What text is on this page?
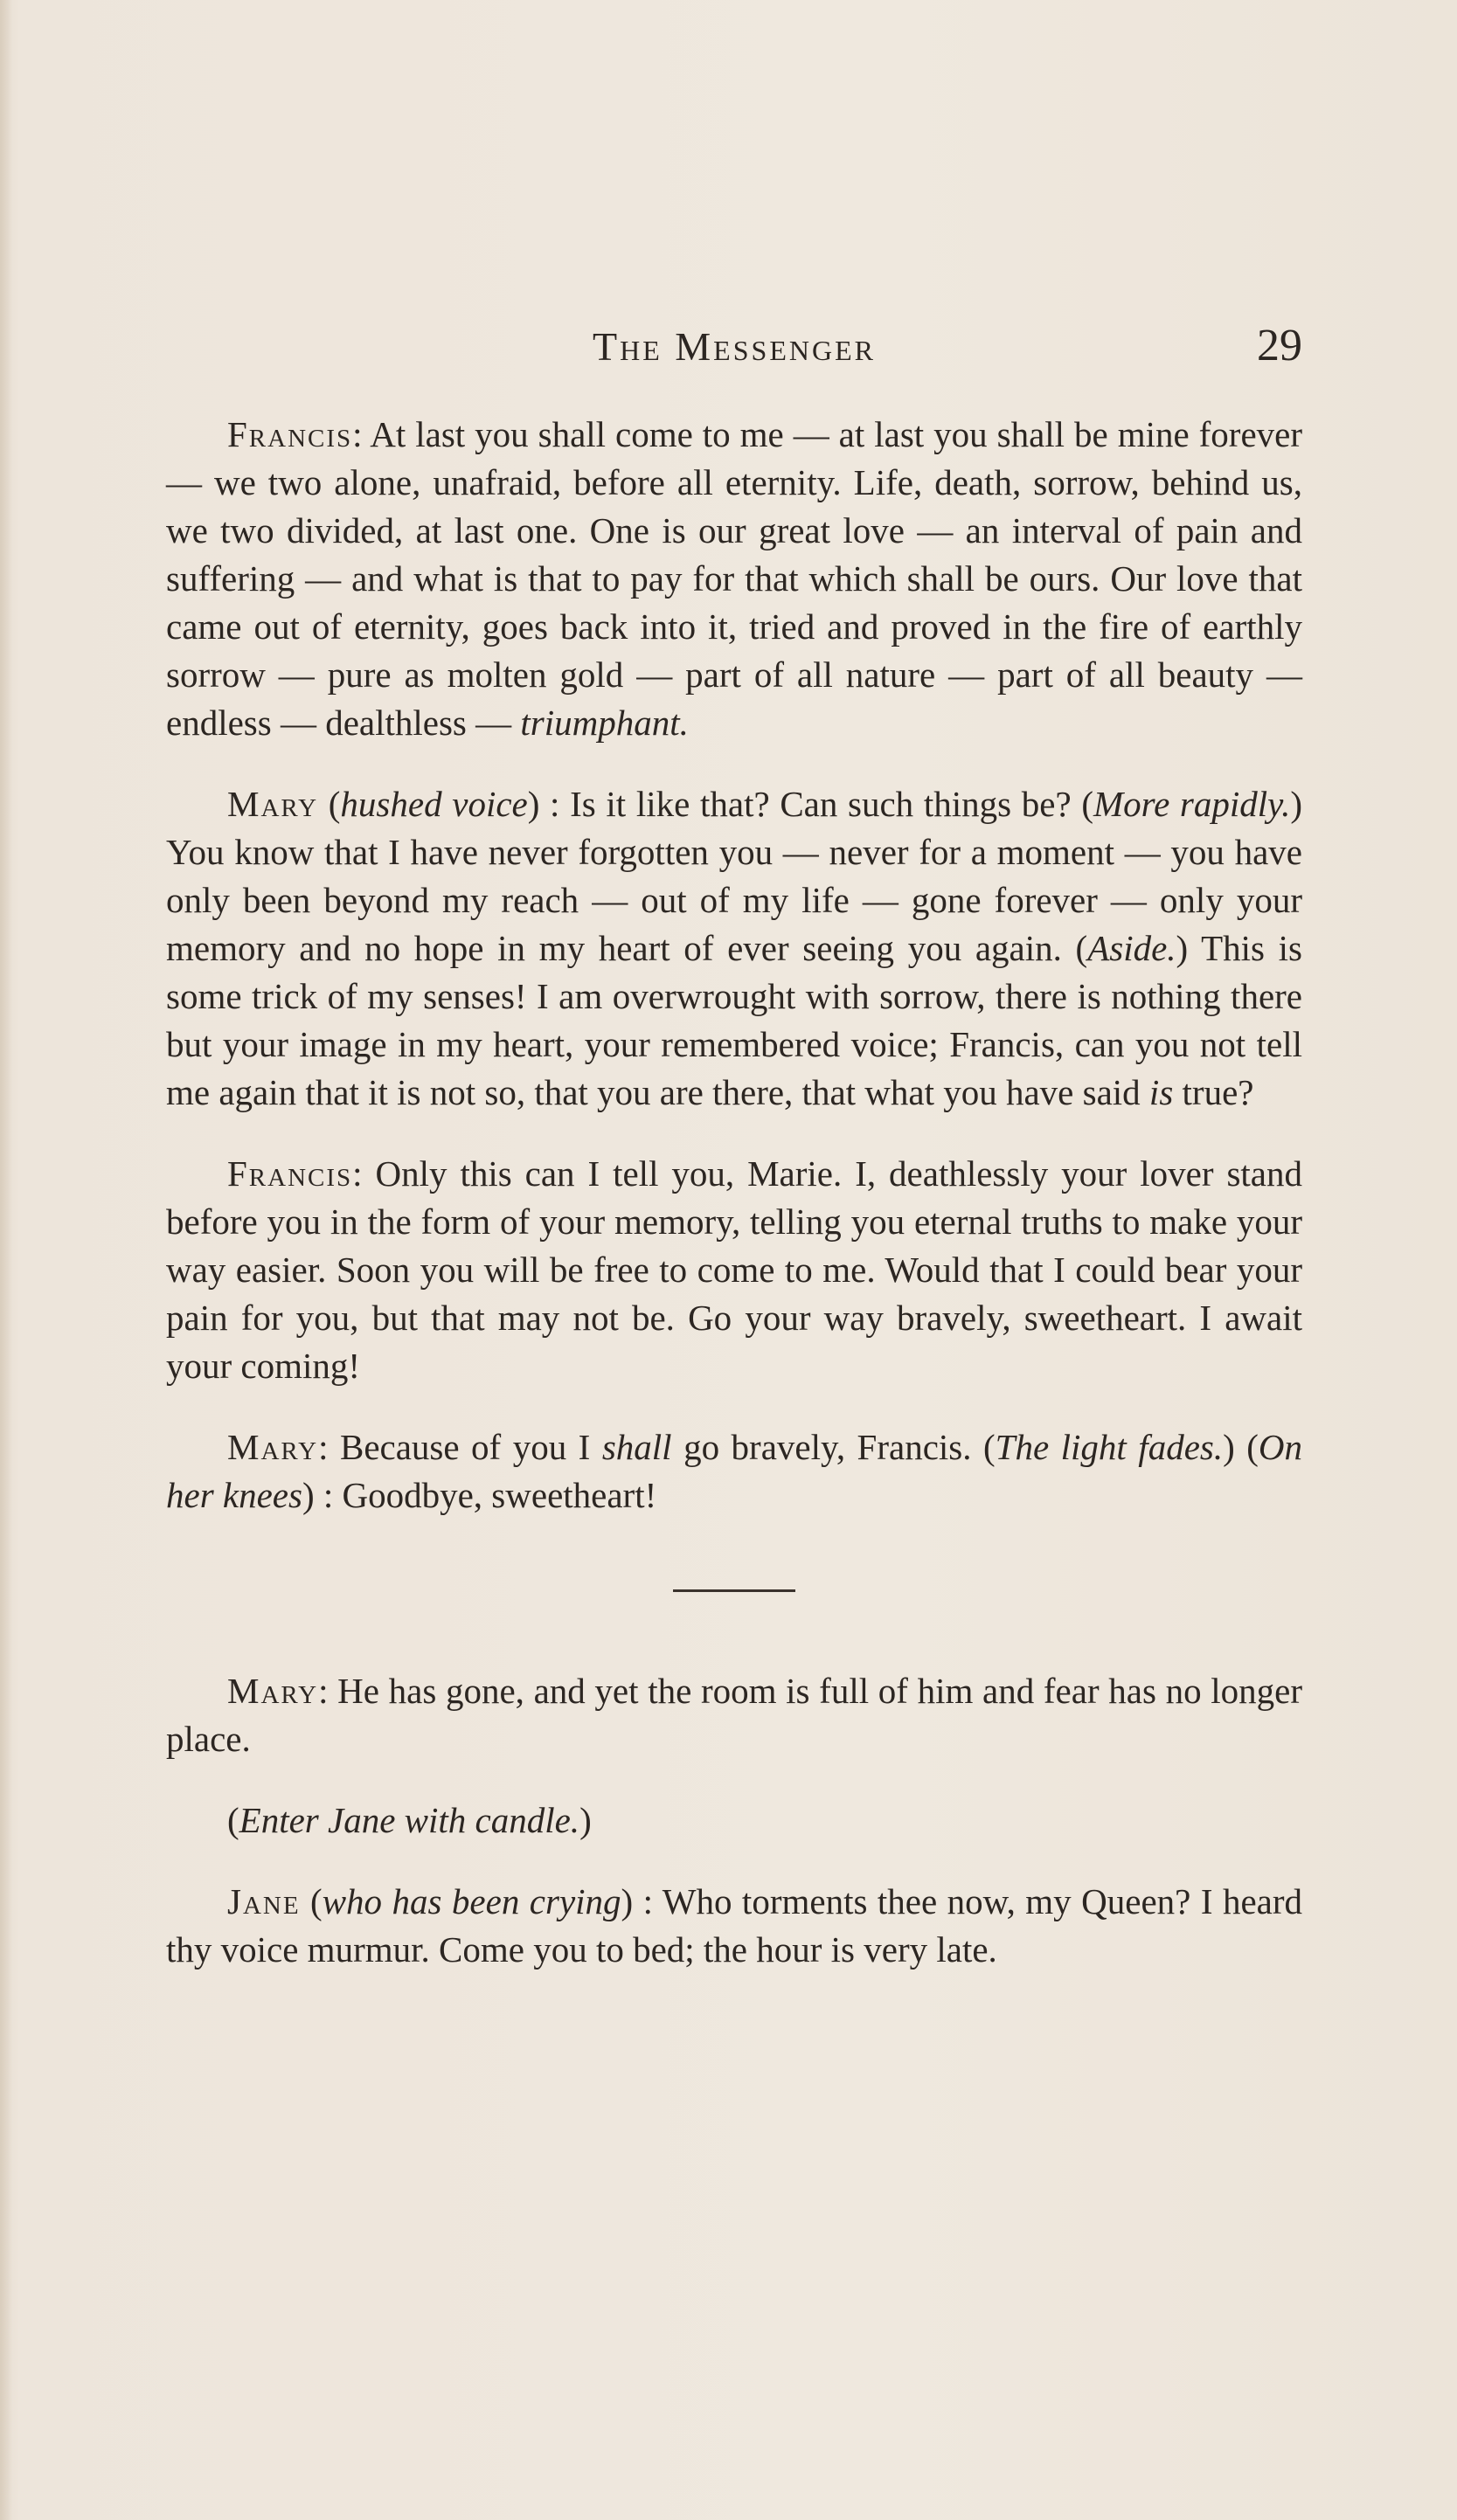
The Messenger	29

Francis: At last you shall come to me — at last you shall be mine forever — we two alone, unafraid, before all eternity. Life, death, sorrow, behind us, we two divided, at last one. One is our great love — an interval of pain and suffering — and what is that to pay for that which shall be ours. Our love that came out of eternity, goes back into it, tried and proved in the fire of earthly sorrow — pure as molten gold — part of all nature — part of all beauty — endless — dealthless — triumphant.

Mary (hushed voice) : Is it like that? Can such things be? (More rapidly.) You know that I have never forgotten you — never for a moment — you have only been beyond my reach — out of my life — gone forever — only your memory and no hope in my heart of ever seeing you again. (Aside.) This is some trick of my senses! I am overwrought with sorrow, there is nothing there but your image in my heart, your remembered voice; Francis, can you not tell me again that it is not so, that you are there, that what you have said is true?

Francis: Only this can I tell you, Marie. I, deathlessly your lover stand before you in the form of your memory, telling you eternal truths to make your way easier. Soon you will be free to come to me. Would that I could bear your pain for you, but that may not be. Go your way bravely, sweetheart. I await your coming!

Mary: Because of you I shall go bravely, Francis. (The light fades.) (On her knees) : Goodbye, sweetheart!

Mary: He has gone, and yet the room is full of him and fear has no longer place.

(Enter Jane with candle.)

Jane (who has been crying) : Who torments thee now, my Queen? I heard thy voice murmur. Come you to bed; the hour is very late.
